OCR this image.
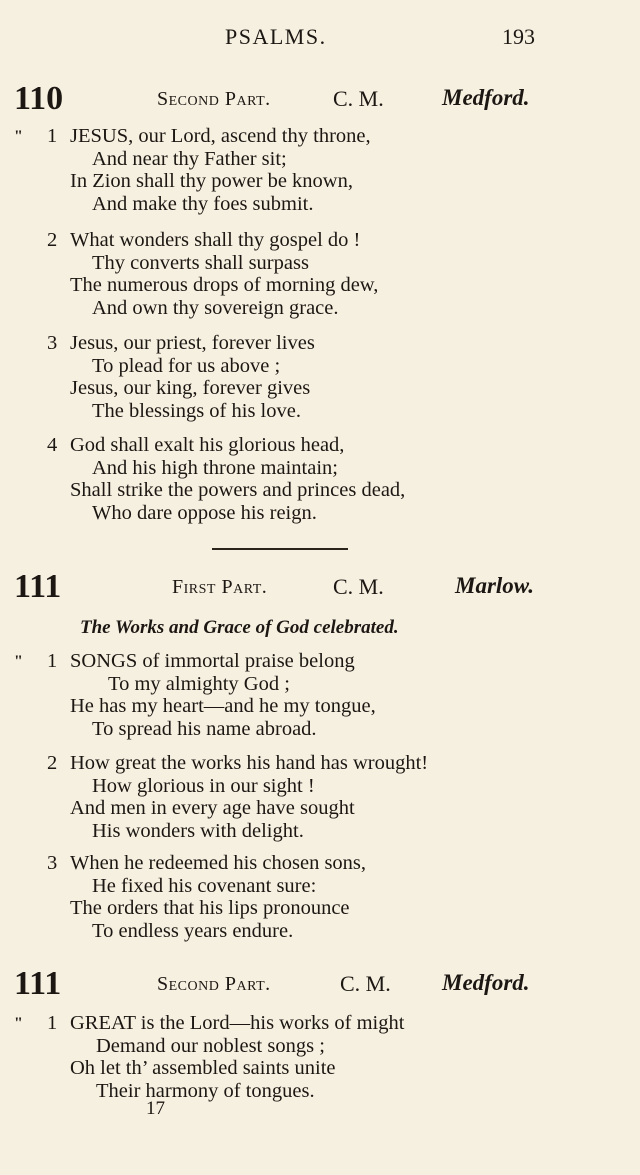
PSALMS.	193
110	Second Part.	C. M.	Medford.
" 1 JESUS, our Lord, ascend thy throne,
And near thy Father sit;
In Zion shall thy power be known,
And make thy foes submit.
2 What wonders shall thy gospel do !
Thy converts shall surpass
The numerous drops of morning dew,
And own thy sovereign grace.
3 Jesus, our priest, forever lives
To plead for us above ;
Jesus, our king, forever gives
The blessings of his love.
4 God shall exalt his glorious head,
And his high throne maintain;
Shall strike the powers and princes dead,
Who dare oppose his reign.
111	First Part.	C. M.	Marlow.
The Works and Grace of God celebrated.
" 1 SONGS of immortal praise belong
To my almighty God ;
He has my heart—and he my tongue,
To spread his name abroad.
2 How great the works his hand has wrought!
How glorious in our sight !
And men in every age have sought
His wonders with delight.
3 When he redeemed his chosen sons,
He fixed his covenant sure:
The orders that his lips pronounce
To endless years endure.
111	Second Part.	C. M. Medford.
" 1 GREAT is the Lord—his works of might
Demand our noblest songs ;
Oh let th’ assembled saints unite
Their harmony of tongues.
17
